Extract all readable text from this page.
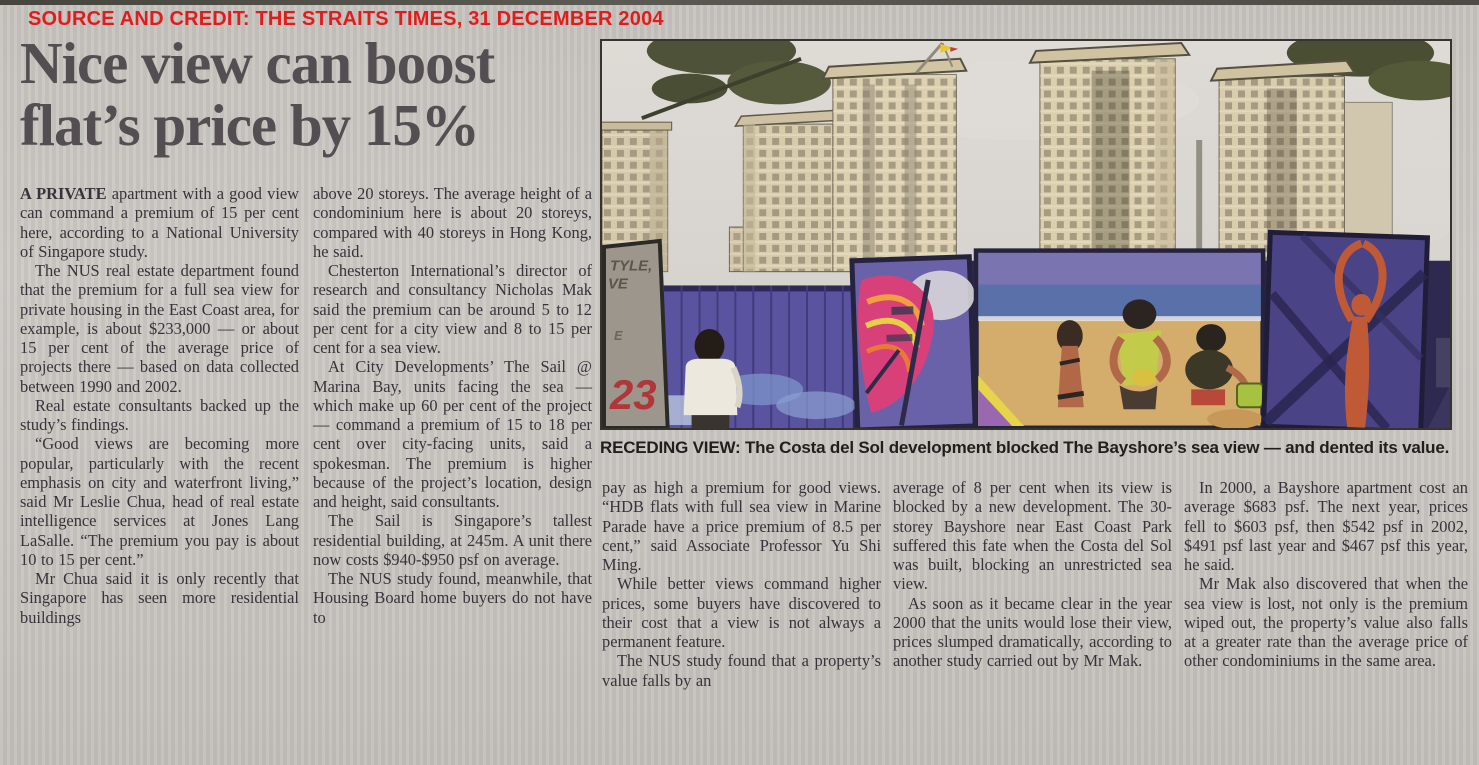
SOURCE AND CREDIT: THE STRAITS TIMES, 31 DECEMBER 2004
Nice view can boost
flat’s price by 15%

A PRIVATE apartment with a good view can command a premium of 15 per cent here, according to a National University of Singapore study.

The NUS real estate department found that the premium for a full sea view for private housing in the East Coast area, for example, is about $233,000 — or about 15 per cent of the average price of projects there — based on data collected between 1990 and 2002.

Real estate consultants backed up the study’s findings.

“Good views are becoming more popular, particularly with the recent emphasis on city and waterfront living,” said Mr Leslie Chua, head of real estate intelligence services at Jones Lang LaSalle. “The premium you pay is about 10 to 15 per cent.”

Mr Chua said it is only recently that Singapore has seen more residential buildings

above 20 storeys. The average height of a condominium here is about 20 storeys, compared with 40 storeys in Hong Kong, he said.

Chesterton International’s director of research and consultancy Nicholas Mak said the premium can be around 5 to 12 per cent for a city view and 8 to 15 per cent for a sea view.

At City Developments’ The Sail @ Marina Bay, units facing the sea — which make up 60 per cent of the project — command a premium of 15 to 18 per cent over city-facing units, said a spokesman. The premium is higher because of the project’s location, design and height, said consultants.

The Sail is Singapore’s tallest residential building, at 245m. A unit there now costs $940-$950 psf on average.

The NUS study found, meanwhile, that Housing Board home buyers do not have to

TYLE,
VE
E
23
RECEDING VIEW: The Costa del Sol development blocked The Bayshore’s sea view — and dented its value.

pay as high a premium for good views. “HDB flats with full sea view in Marine Parade have a price premium of 8.5 per cent,” said Associate Professor Yu Shi Ming.

While better views command higher prices, some buyers have discovered to their cost that a view is not always a permanent feature.

The NUS study found that a property’s value falls by an

average of 8 per cent when its view is blocked by a new development. The 30-storey Bayshore near East Coast Park suffered this fate when the Costa del Sol was built, blocking an unrestricted sea view.

As soon as it became clear in the year 2000 that the units would lose their view, prices slumped dramatically, according to another study carried out by Mr Mak.

In 2000, a Bayshore apartment cost an average $683 psf. The next year, prices fell to $603 psf, then $542 psf in 2002, $491 psf last year and $467 psf this year, he said.

Mr Mak also discovered that when the sea view is lost, not only is the premium wiped out, the property’s value also falls at a greater rate than the average price of other condominiums in the same area.
